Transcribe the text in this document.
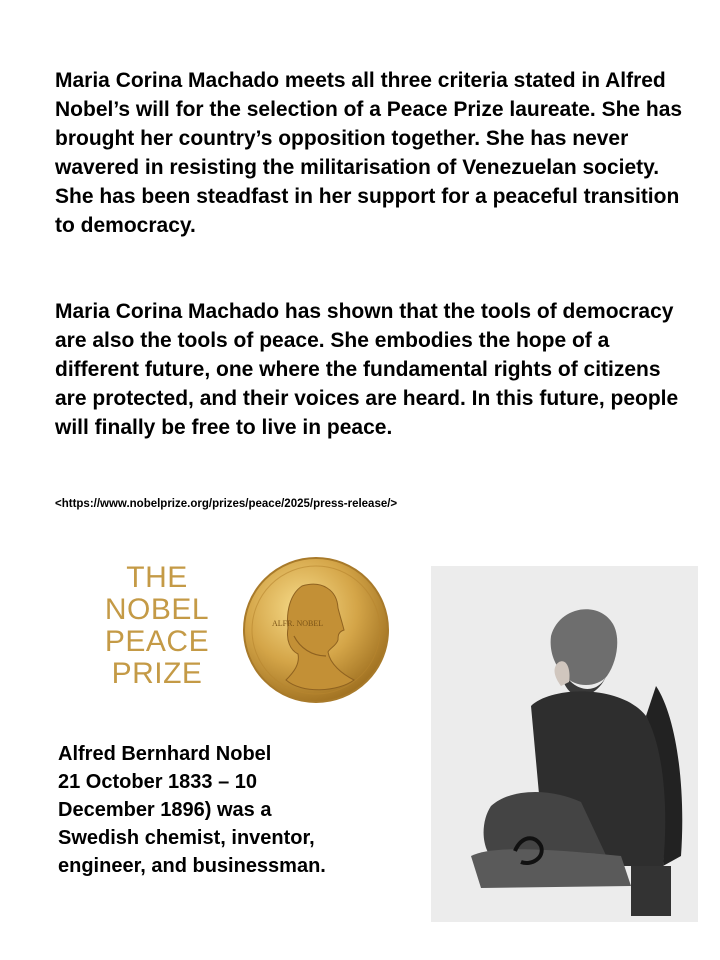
Maria Corina Machado meets all three criteria stated in Alfred Nobel’s will for the selection of a Peace Prize laureate. She has brought her country’s opposition together. She has never wavered in resisting the militarisation of Venezuelan society. She has been steadfast in her support for a peaceful transition to democracy.

Maria Corina Machado has shown that the tools of democracy are also the tools of peace. She embodies the hope of a different future, one where the fundamental rights of citizens are protected, and their voices are heard. In this future, people will finally be free to live in peace.

<https://www.nobelprize.org/prizes/peace/2025/press-release/>

THE
NOBEL
PEACE
PRIZE
ALFR. NOBEL

Alfred Bernhard Nobel
21 October 1833 – 10
December 1896) was a
Swedish chemist, inventor,
engineer, and businessman.
